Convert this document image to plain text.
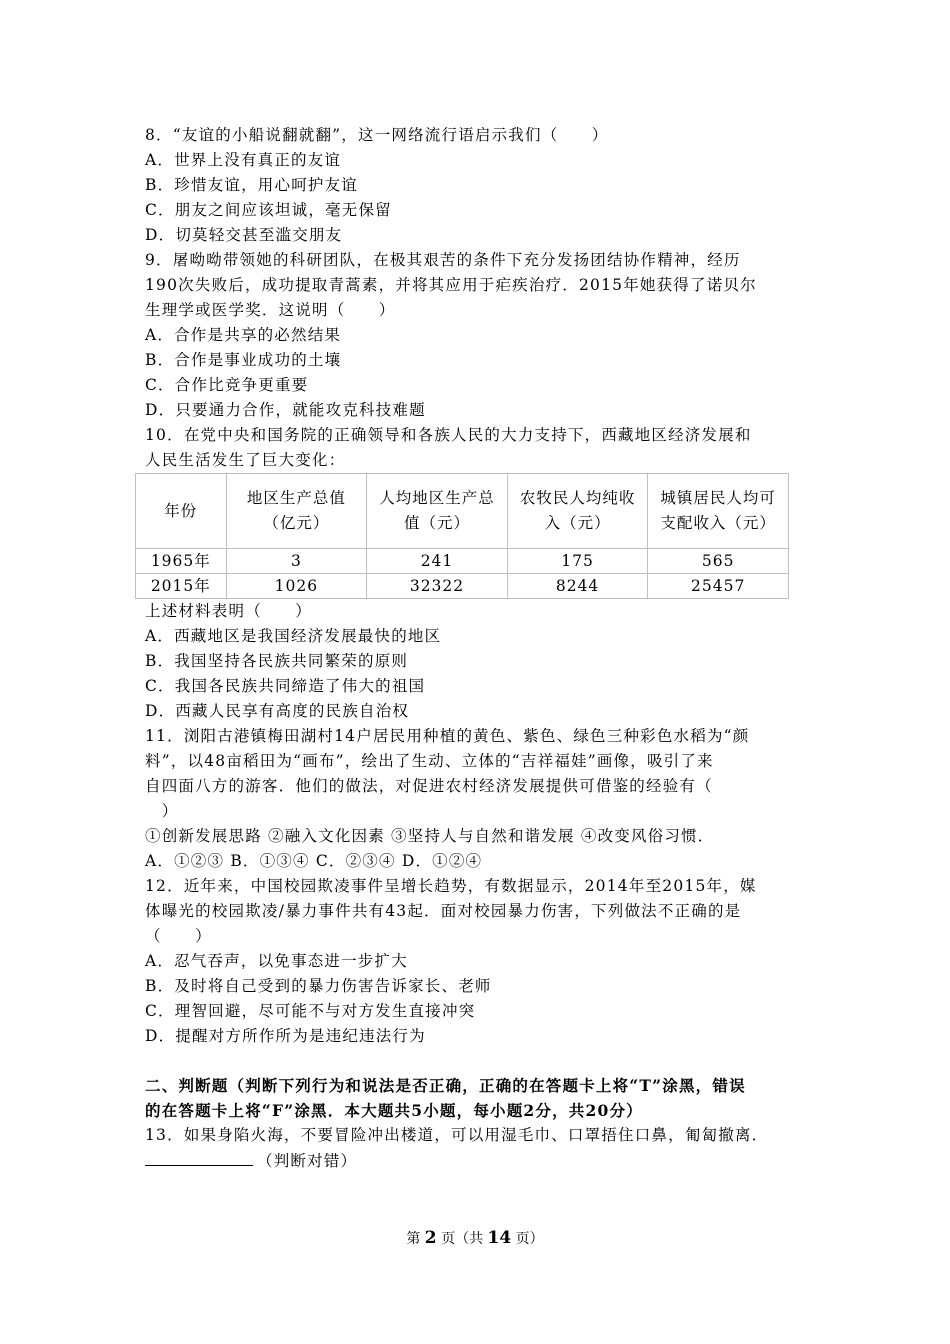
8．“友谊的小船说翻就翻”，这一网络流行语启示我们（　　）
A．世界上没有真正的友谊
B．珍惜友谊，用心呵护友谊
C．朋友之间应该坦诚，毫无保留
D．切莫轻交甚至滥交朋友
9．屠呦呦带领她的科研团队，在极其艰苦的条件下充分发扬团结协作精神，经历
190次失败后，成功提取青蒿素，并将其应用于疟疾治疗．2015年她获得了诺贝尔
生理学或医学奖．这说明（　　）
A．合作是共享的必然结果
B．合作是事业成功的土壤
C．合作比竞争更重要
D．只要通力合作，就能攻克科技难题
10．在党中央和国务院的正确领导和各族人民的大力支持下，西藏地区经济发展和
人民生活发生了巨大变化：
年份	地区生产总值（亿元）	人均地区生产总值（元）	农牧民人均纯收入（元）	城镇居民人均可支配收入（元）
1965年	3	241	175	565
2015年	1026	32322	8244	25457
上述材料表明（　　）
A．西藏地区是我国经济发展最快的地区
B．我国坚持各民族共同繁荣的原则
C．我国各民族共同缔造了伟大的祖国
D．西藏人民享有高度的民族自治权
11．浏阳古港镇梅田湖村14户居民用种植的黄色、紫色、绿色三种彩色水稻为“颜
料”，以48亩稻田为“画布”，绘出了生动、立体的“吉祥福娃”画像，吸引了来
自四面八方的游客．他们的做法，对促进农村经济发展提供可借鉴的经验有（
　）
①创新发展思路 ②融入文化因素 ③坚持人与自然和谐发展 ④改变风俗习惯．
A．①②③ B．①③④ C．②③④ D．①②④
12．近年来，中国校园欺凌事件呈增长趋势，有数据显示，2014年至2015年，媒
体曝光的校园欺凌/暴力事件共有43起．面对校园暴力伤害，下列做法不正确的是
（　　）
A．忍气吞声，以免事态进一步扩大
B．及时将自己受到的暴力伤害告诉家长、老师
C．理智回避，尽可能不与对方发生直接冲突
D．提醒对方所作所为是违纪违法行为
二、判断题（判断下列行为和说法是否正确，正确的在答题卡上将“T”涂黑，错误
的在答题卡上将“F”涂黑．本大题共5小题，每小题2分，共20分）
13．如果身陷火海，不要冒险冲出楼道，可以用湿毛巾、口罩捂住口鼻，匍匐撤离．
（判断对错）
第 2 页（共 14 页）
